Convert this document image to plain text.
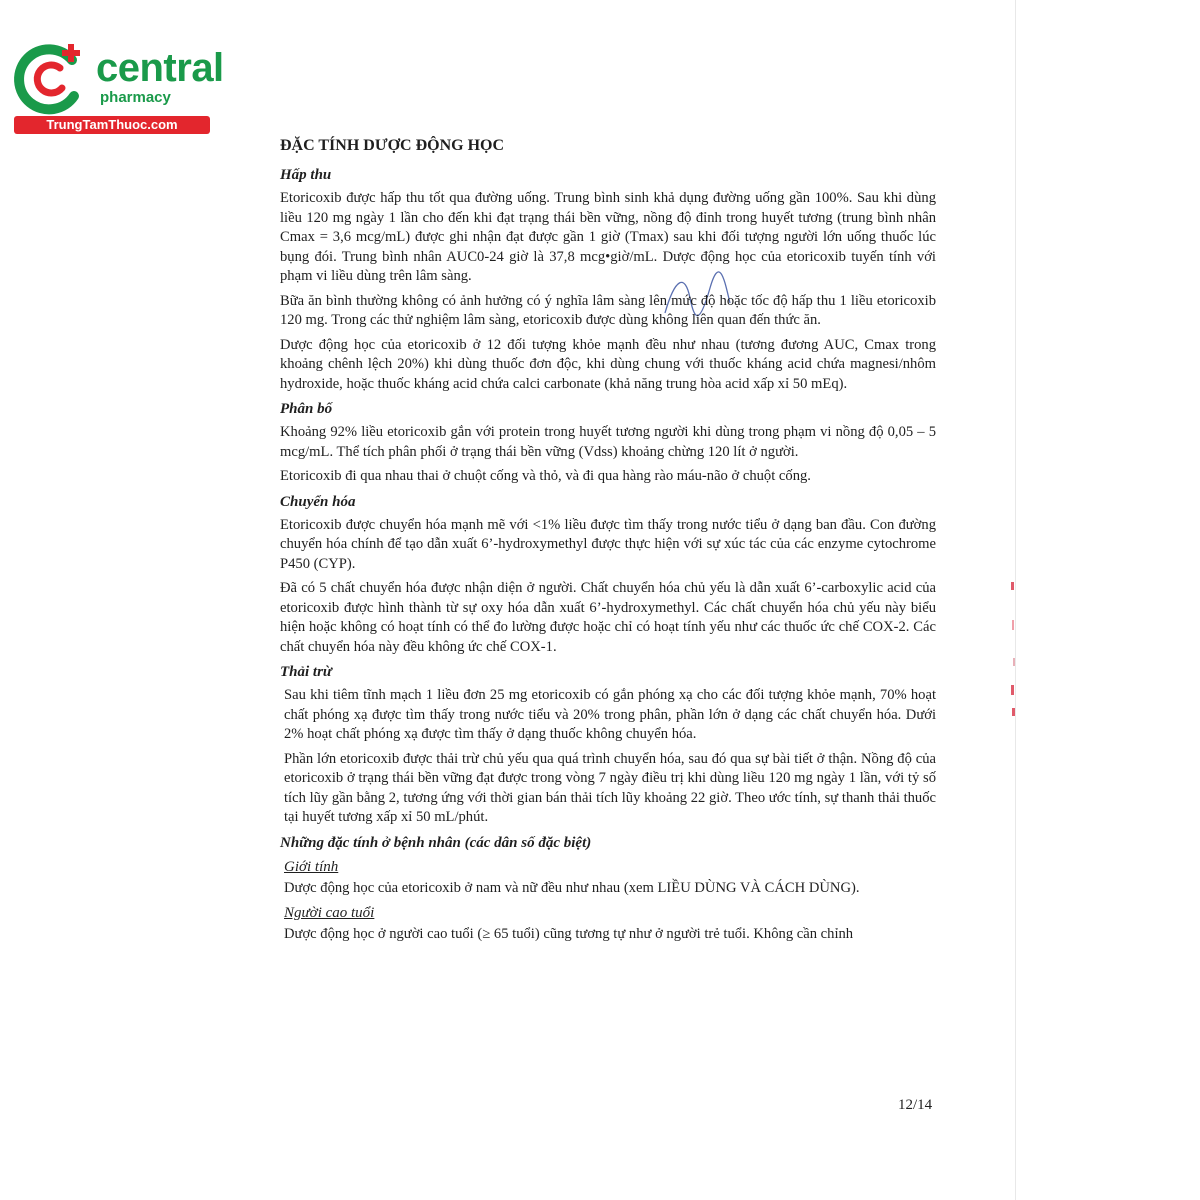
central
pharmacy
TrungTamThuoc.com
ĐẶC TÍNH DƯỢC ĐỘNG HỌC
Hấp thu

Etoricoxib được hấp thu tốt qua đường uống. Trung bình sinh khả dụng đường uống gần 100%. Sau khi dùng liều 120 mg ngày 1 lần cho đến khi đạt trạng thái bền vững, nồng độ đỉnh trong huyết tương (trung bình nhân Cmax = 3,6 mcg/mL) được ghi nhận đạt được gần 1 giờ (Tmax) sau khi đối tượng người lớn uống thuốc lúc bụng đói. Trung bình nhân AUC0-24 giờ là 37,8 mcg•giờ/mL. Dược động học của etoricoxib tuyến tính với phạm vi liều dùng trên lâm sàng.

Bữa ăn bình thường không có ảnh hưởng có ý nghĩa lâm sàng lên mức độ hoặc tốc độ hấp thu 1 liều etoricoxib 120 mg. Trong các thử nghiệm lâm sàng, etoricoxib được dùng không liên quan đến thức ăn.

Dược động học của etoricoxib ở 12 đối tượng khỏe mạnh đều như nhau (tương đương AUC, Cmax trong khoảng chênh lệch 20%) khi dùng thuốc đơn độc, khi dùng chung với thuốc kháng acid chứa magnesi/nhôm hydroxide, hoặc thuốc kháng acid chứa calci carbonate (khả năng trung hòa acid xấp xỉ 50 mEq).

Phân bố

Khoảng 92% liều etoricoxib gắn với protein trong huyết tương người khi dùng trong phạm vi nồng độ 0,05 – 5 mcg/mL. Thể tích phân phối ở trạng thái bền vững (Vdss) khoảng chừng 120 lít ở người.

Etoricoxib đi qua nhau thai ở chuột cống và thỏ, và đi qua hàng rào máu-não ở chuột cống.

Chuyển hóa

Etoricoxib được chuyển hóa mạnh mẽ với <1% liều được tìm thấy trong nước tiểu ở dạng ban đầu. Con đường chuyển hóa chính để tạo dẫn xuất 6’-hydroxymethyl được thực hiện với sự xúc tác của các enzyme cytochrome P450 (CYP).

Đã có 5 chất chuyển hóa được nhận diện ở người. Chất chuyển hóa chủ yếu là dẫn xuất 6’-carboxylic acid của etoricoxib được hình thành từ sự oxy hóa dẫn xuất 6’-hydroxymethyl. Các chất chuyển hóa chủ yếu này biểu hiện hoặc không có hoạt tính có thể đo lường được hoặc chỉ có hoạt tính yếu như các thuốc ức chế COX-2. Các chất chuyển hóa này đều không ức chế COX-1.

Thải trừ

Sau khi tiêm tĩnh mạch 1 liều đơn 25 mg etoricoxib có gắn phóng xạ cho các đối tượng khỏe mạnh, 70% hoạt chất phóng xạ được tìm thấy trong nước tiểu và 20% trong phân, phần lớn ở dạng các chất chuyển hóa. Dưới 2% hoạt chất phóng xạ được tìm thấy ở dạng thuốc không chuyển hóa.

Phần lớn etoricoxib được thải trừ chủ yếu qua quá trình chuyển hóa, sau đó qua sự bài tiết ở thận. Nồng độ của etoricoxib ở trạng thái bền vững đạt được trong vòng 7 ngày điều trị khi dùng liều 120 mg ngày 1 lần, với tỷ số tích lũy gần bằng 2, tương ứng với thời gian bán thải tích lũy khoảng 22 giờ. Theo ước tính, sự thanh thải thuốc tại huyết tương xấp xỉ 50 mL/phút.

Những đặc tính ở bệnh nhân (các dân số đặc biệt)
Giới tính

Dược động học của etoricoxib ở nam và nữ đều như nhau (xem LIỀU DÙNG VÀ CÁCH DÙNG).

Người cao tuổi

Dược động học ở người cao tuổi (≥ 65 tuổi) cũng tương tự như ở người trẻ tuổi. Không cần chỉnh

12/14
